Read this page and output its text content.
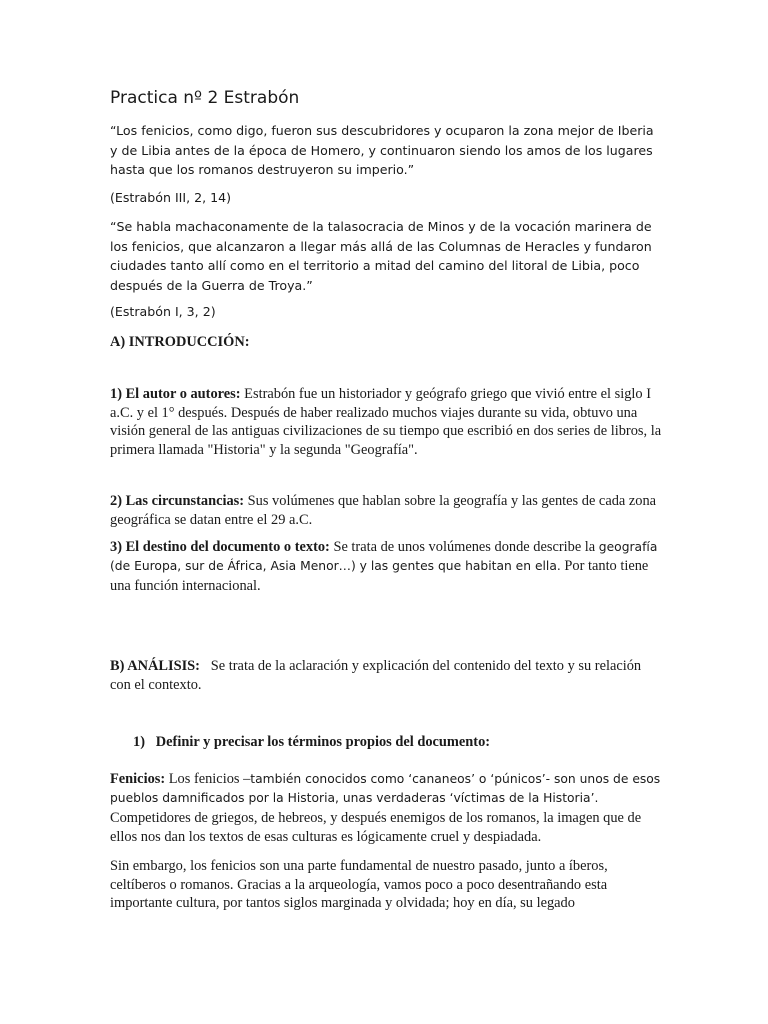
Practica nº 2 Estrabón
“Los fenicios, como digo, fueron sus descubridores y ocuparon la zona mejor de Iberia y de Libia antes de la época de Homero, y continuaron siendo los amos de los lugares hasta que los romanos destruyeron su imperio.”
(Estrabón III, 2, 14)
“Se habla machaconamente de la talasocracia de Minos y de la vocación marinera de los fenicios, que alcanzaron a llegar más allá de las Columnas de Heracles y fundaron ciudades tanto allí como en el territorio a mitad del camino del litoral de Libia, poco después de la Guerra de Troya.”
(Estrabón I, 3, 2)
A) INTRODUCCIÓN:
1) El autor o autores: Estrabón fue un historiador y geógrafo griego que vivió entre el siglo I a.C. y el 1° después. Después de haber realizado muchos viajes durante su vida, obtuvo una visión general de las antiguas civilizaciones de su tiempo que escribió en dos series de libros, la primera llamada "Historia" y la segunda "Geografía".
2) Las circunstancias: Sus volúmenes que hablan sobre la geografía y las gentes de cada zona geográfica se datan entre el 29 a.C.
3) El destino del documento o texto: Se trata de unos volúmenes donde describe la geografía (de Europa, sur de África, Asia Menor…) y las gentes que habitan en ella. Por tanto tiene una función internacional.
B) ANÁLISIS:   Se trata de la aclaración y explicación del contenido del texto y su relación con el contexto.
1)   Definir y precisar los términos propios del documento:
Fenicios: Los fenicios –también conocidos como ‘cananeos’ o ‘púnicos’- son unos de esos pueblos damnificados por la Historia, unas verdaderas ‘víctimas de la Historia’. Competidores de griegos, de hebreos, y después enemigos de los romanos, la imagen que de ellos nos dan los textos de esas culturas es lógicamente cruel y despiadada.
Sin embargo, los fenicios son una parte fundamental de nuestro pasado, junto a íberos, celtíberos o romanos. Gracias a la arqueología, vamos poco a poco desentrañando esta importante cultura, por tantos siglos marginada y olvidada; hoy en día, su legado
